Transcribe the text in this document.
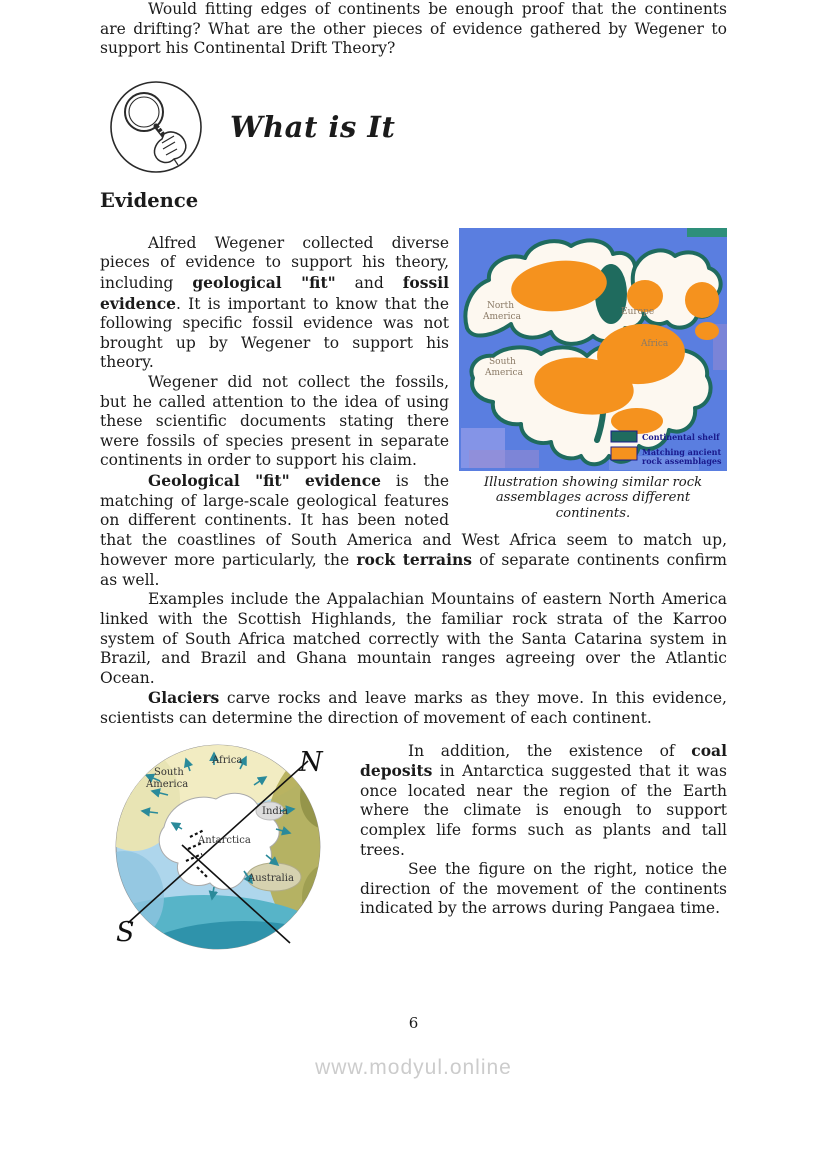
Would fitting edges of continents be enough proof that the continents are drifting? What are the other pieces of evidence gathered by Wegener to support his Continental Drift Theory?

What is It
Evidence
North
America	Europe
South
America
Africa
Continental shelf
Matching ancient
rock assemblages
Illustration showing similar rock assemblages across different continents.

Alfred Wegener collected diverse pieces of evidence to support his theory, including geological "fit" and fossil evidence. It is important to know that the following specific fossil evidence was not brought up by Wegener to support his theory.

Wegener did not collect the fossils, but he called attention to the idea of using these scientific documents stating there were fossils of species present in separate continents in order to support his claim.

Geological "fit" evidence is the matching of large-scale geological features on different continents. It has been noted that the coastlines of South America and West Africa seem to match up, however more particularly, the rock terrains of separate continents confirm as well.

Examples include the Appalachian Mountains of eastern North America linked with the Scottish Highlands, the familiar rock strata of the Karroo system of South Africa matched correctly with the Santa Catarina system in Brazil, and Brazil and Ghana mountain ranges agreeing over the Atlantic Ocean.

Glaciers carve rocks and leave marks as they move. In this evidence, scientists can determine the direction of movement of each continent.

Africa
South
America
India
Antarctica
Australia
N
S

In addition, the existence of coal deposits in Antarctica suggested that it was once located near the region of the Earth where the climate is enough to support complex life forms such as plants and tall trees.

See the figure on the right, notice the direction of the movement of the continents indicated by the arrows during Pangaea time.

6
www.modyul.online
